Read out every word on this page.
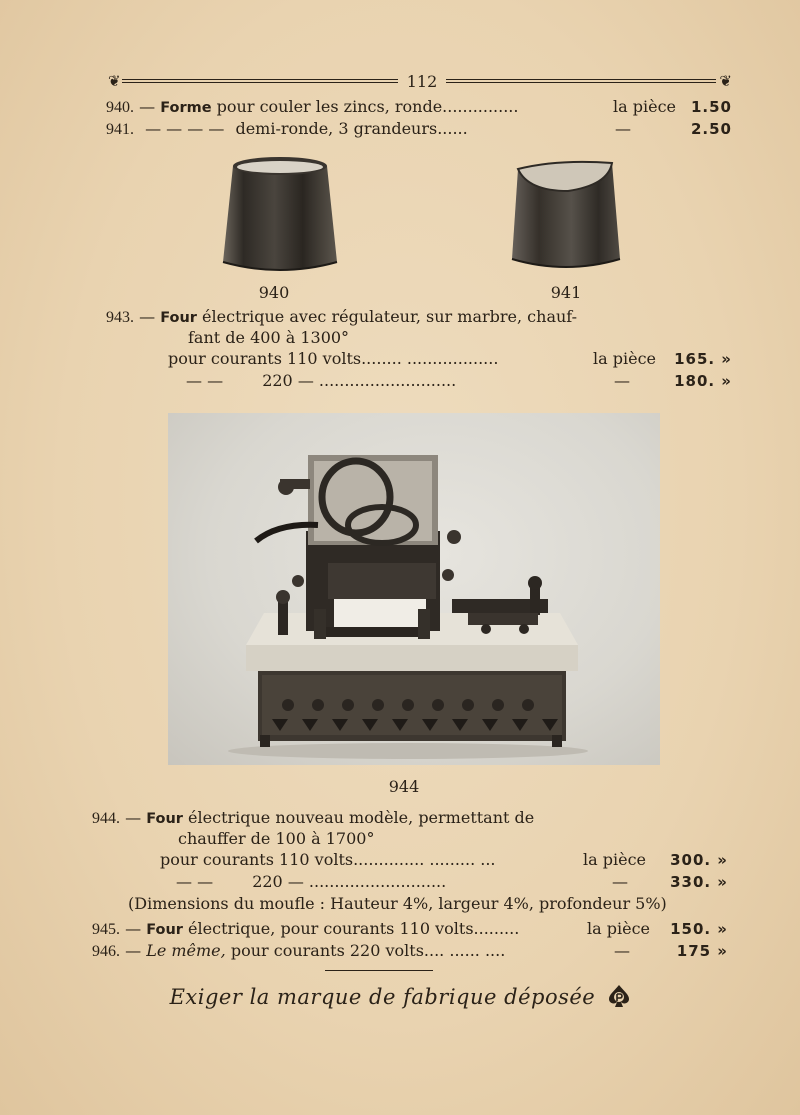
❦	112	❦
940. — Forme pour couler les zincs, ronde...............	la pièce 1.50
941. — — — — demi-ronde, 3 grandeurs......	—	2.50
940	941
943. — Four électrique avec régulateur, sur marbre, chauf-
fant de 400 à 1300°
pour courants 110 volts........ ..................	la pièce	165. »
— — 220 — ...........................	—	180. »
944
944. — Four électrique nouveau modèle, permettant de
chauffer de 100 à 1700°
pour courants 110 volts.............. ......... ...	la pièce	300. »
— — 220 — ...........................	—	330. »
(Dimensions du moufle : Hauteur 4%, largeur 4%, profondeur 5%)
945. — Four électrique, pour courants 110 volts.........	la pièce	150. »
946. — Le même, pour courants 220 volts.... ...... ....	—	175 »
Exiger la marque de fabrique déposée
